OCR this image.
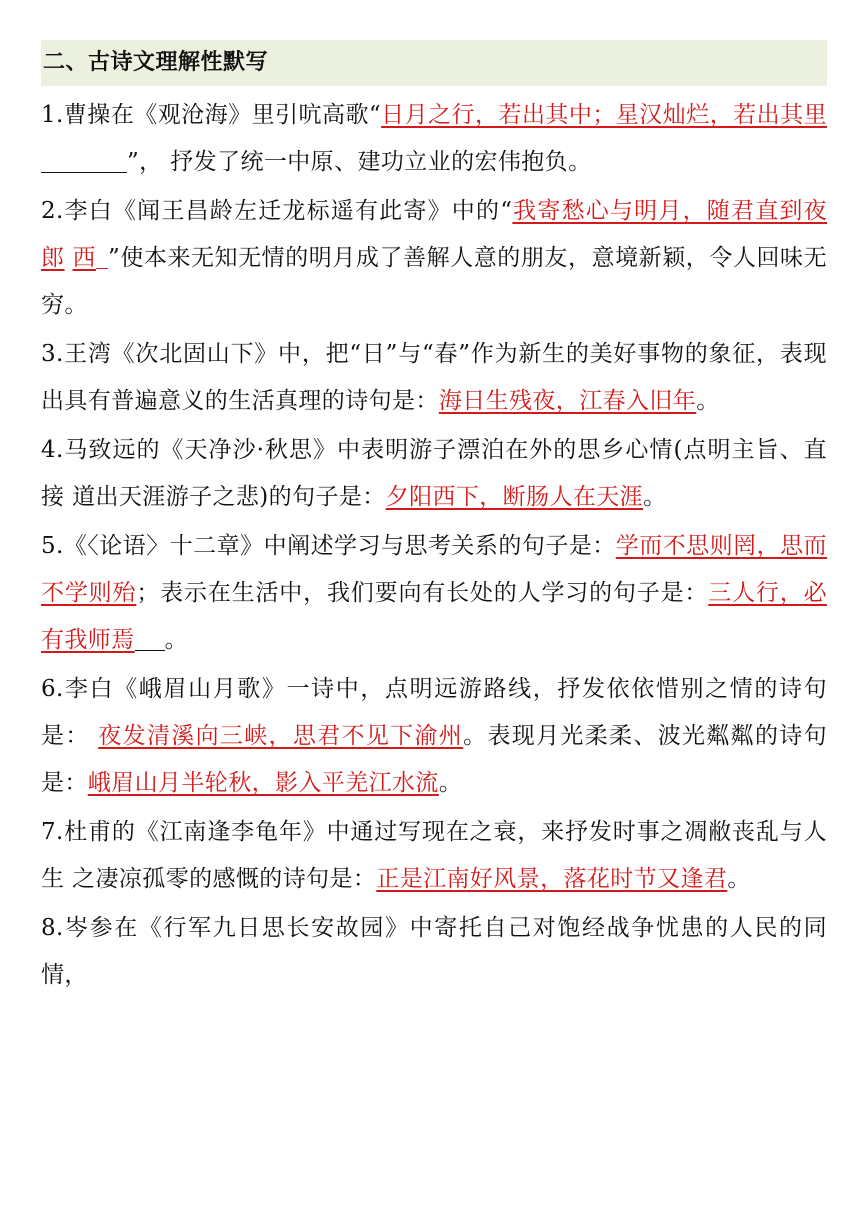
二、古诗文理解性默写

1.曹操在《观沧海》里引吭高歌“日月之行，若出其中；星汉灿烂，若出其里”， 抒发了统一中原、建功立业的宏伟抱负。

2.李白《闻王昌龄左迁龙标遥有此寄》中的“我寄愁心与明月，随君直到夜郎 西 ”使本来无知无情的明月成了善解人意的朋友，意境新颖，令人回味无穷。

3.王湾《次北固山下》中，把“日”与“春”作为新生的美好事物的象征，表现出具有普遍意义的生活真理的诗句是：海日生残夜，江春入旧年。

4.马致远的《天净沙·秋思》中表明游子漂泊在外的思乡心情(点明主旨、直接 道出天涯游子之悲)的句子是：夕阳西下，断肠人在天涯。

5.《〈论语〉十二章》中阐述学习与思考关系的句子是：学而不思则罔，思而不学则殆；表示在生活中，我们要向有长处的人学习的句子是：三人行，必有我师焉 。

6.李白《峨眉山月歌》一诗中，点明远游路线，抒发依依惜别之情的诗句是： 夜发清溪向三峡，思君不见下渝州。表现月光柔柔、波光粼粼的诗句是：峨眉山月半轮秋，影入平羌江水流。

7.杜甫的《江南逢李龟年》中通过写现在之衰，来抒发时事之凋敝丧乱与人生 之凄凉孤零的感慨的诗句是：正是江南好风景，落花时节又逢君。

8.岑参在《行军九日思长安故园》中寄托自己对饱经战争忧患的人民的同情，
